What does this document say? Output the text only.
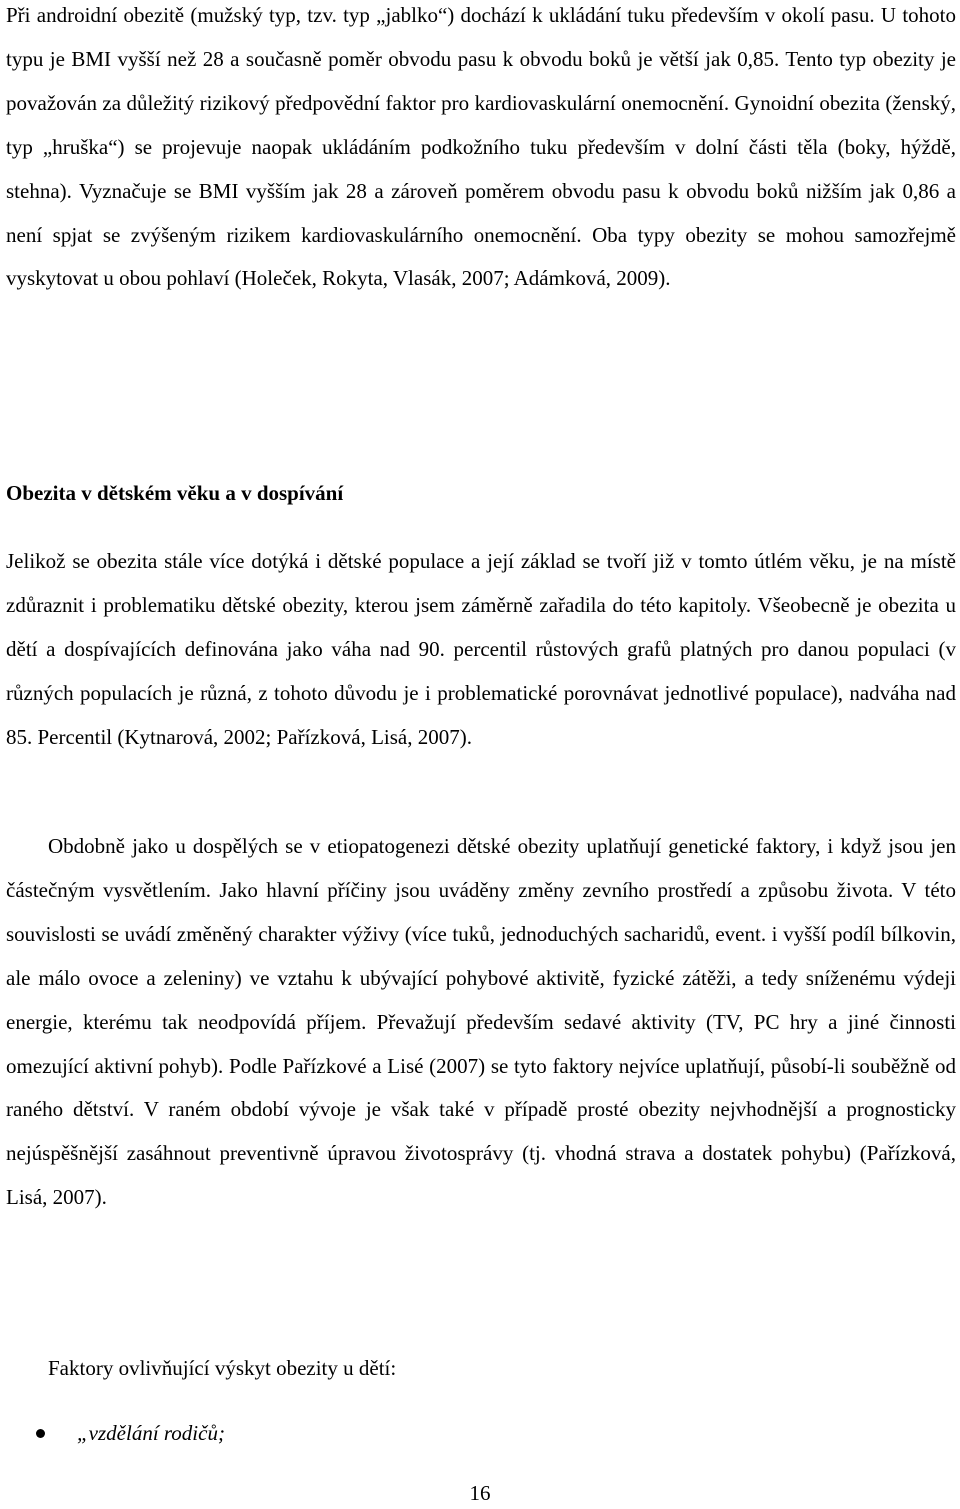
Při androidní obezitě (mužský typ, tzv. typ „jablko“) dochází k ukládání tuku především v okolí pasu. U tohoto typu je BMI vyšší než 28 a současně poměr obvodu pasu k obvodu boků je větší jak 0,85. Tento typ obezity je považován za důležitý rizikový předpovědní faktor pro kardiovaskulární onemocnění. Gynoidní obezita (ženský, typ „hruška“) se projevuje naopak ukládáním podkožního tuku především v dolní části těla (boky, hýždě, stehna). Vyznačuje se BMI vyšším jak 28 a zároveň poměrem obvodu pasu k obvodu boků nižším jak 0,86 a není spjat se zvýšeným rizikem kardiovaskulárního onemocnění. Oba typy obezity se mohou samozřejmě vyskytovat u obou pohlaví (Holeček, Rokyta, Vlasák, 2007; Adámková, 2009).

Obezita v dětském věku a v dospívání

Jelikož se obezita stále více dotýká i dětské populace a její základ se tvoří již v tomto útlém věku, je na místě zdůraznit i problematiku dětské obezity, kterou jsem záměrně zařadila do této kapitoly. Všeobecně je obezita u dětí a dospívajících definována jako váha nad 90. percentil růstových grafů platných pro danou populaci (v různých populacích je různá, z tohoto důvodu je i problematické porovnávat jednotlivé populace), nadváha nad 85. Percentil (Kytnarová, 2002; Pařízková, Lisá, 2007).

Obdobně jako u dospělých se v etiopatogenezi dětské obezity uplatňují genetické faktory, i když jsou jen částečným vysvětlením. Jako hlavní příčiny jsou uváděny změny zevního prostředí a způsobu života. V této souvislosti se uvádí změněný charakter výživy (více tuků, jednoduchých sacharidů, event. i vyšší podíl bílkovin, ale málo ovoce a zeleniny) ve vztahu k ubývající pohybové aktivitě, fyzické zátěži, a tedy sníženému výdeji energie, kterému tak neodpovídá příjem. Převažují především sedavé aktivity (TV, PC hry a jiné činnosti omezující aktivní pohyb). Podle Pařízkové a Lisé (2007) se tyto faktory nejvíce uplatňují, působí-li souběžně od raného dětství. V raném období vývoje je však také v případě prosté obezity nejvhodnější a prognosticky nejúspěšnější zasáhnout preventivně úpravou životosprávy (tj. vhodná strava a dostatek pohybu) (Pařízková, Lisá, 2007).

Faktory ovlivňující výskyt obezity u dětí:

„vzdělání rodičů;
16
